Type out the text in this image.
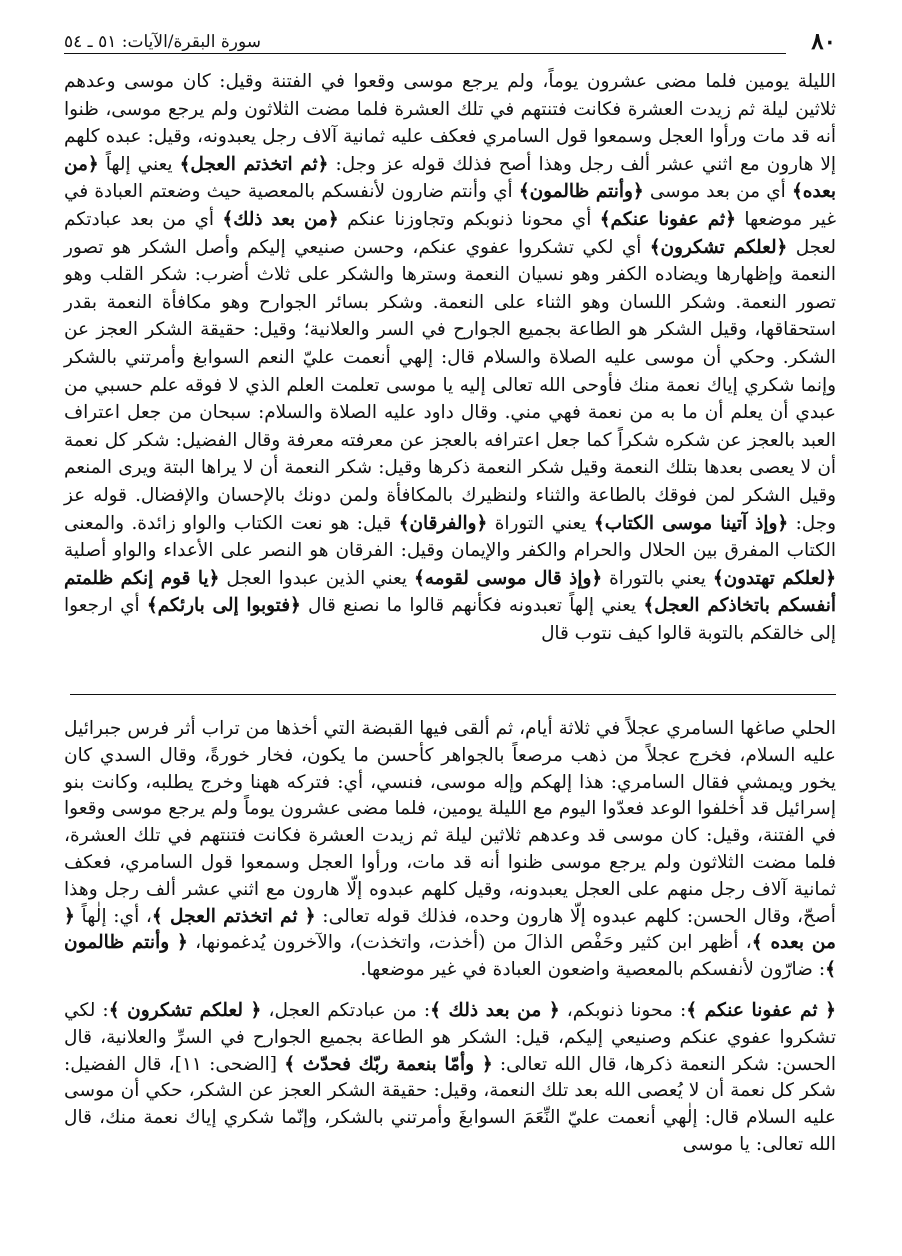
٨٠
سورة البقرة/الآيات: ٥١ ـ ٥٤

الليلة يومين فلما مضى عشرون يوماً، ولم يرجع موسى وقعوا في الفتنة وقيل: كان موسى وعدهم ثلاثين ليلة ثم زيدت العشرة فكانت فتنتهم في تلك العشرة فلما مضت الثلاثون ولم يرجع موسى، ظنوا أنه قد مات ورأوا العجل وسمعوا قول السامري فعكف عليه ثمانية آلاف رجل يعبدونه، وقيل: عبده كلهم إلا هارون مع اثني عشر ألف رجل وهذا أصح فذلك قوله عز وجل: ﴿ثم اتخذتم العجل﴾ يعني إلهاً ﴿من بعده﴾ أي من بعد موسى ﴿وأنتم ظالمون﴾ أي وأنتم ضارون لأنفسكم بالمعصية حيث وضعتم العبادة في غير موضعها ﴿ثم عفونا عنكم﴾ أي محونا ذنوبكم وتجاوزنا عنكم ﴿من بعد ذلك﴾ أي من بعد عبادتكم لعجل ﴿لعلكم تشكرون﴾ أي لكي تشكروا عفوي عنكم، وحسن صنيعي إليكم وأصل الشكر هو تصور النعمة وإظهارها ويضاده الكفر وهو نسيان النعمة وسترها والشكر على ثلاث أضرب: شكر القلب وهو تصور النعمة. وشكر اللسان وهو الثناء على النعمة. وشكر بسائر الجوارح وهو مكافأة النعمة بقدر استحقاقها، وقيل الشكر هو الطاعة بجميع الجوارح في السر والعلانية؛ وقيل: حقيقة الشكر العجز عن الشكر. وحكي أن موسى عليه الصلاة والسلام قال: إلهي أنعمت عليّ النعم السوابغ وأمرتني بالشكر وإنما شكري إياك نعمة منك فأوحى الله تعالى إليه يا موسى تعلمت العلم الذي لا فوقه علم حسبي من عبدي أن يعلم أن ما به من نعمة فهي مني. وقال داود عليه الصلاة والسلام: سبحان من جعل اعتراف العبد بالعجز عن شكره شكراً كما جعل اعترافه بالعجز عن معرفته معرفة وقال الفضيل: شكر كل نعمة أن لا يعصى بعدها بتلك النعمة وقيل شكر النعمة ذكرها وقيل: شكر النعمة أن لا يراها البتة ويرى المنعم وقيل الشكر لمن فوقك بالطاعة والثناء ولنظيرك بالمكافأة ولمن دونك بالإحسان والإفضال. قوله عز وجل: ﴿وإذ آتينا موسى الكتاب﴾ يعني التوراة ﴿والفرقان﴾ قيل: هو نعت الكتاب والواو زائدة. والمعنى الكتاب المفرق بين الحلال والحرام والكفر والإيمان وقيل: الفرقان هو النصر على الأعداء والواو أصلية ﴿لعلكم تهتدون﴾ يعني بالتوراة ﴿وإذ قال موسى لقومه﴾ يعني الذين عبدوا العجل ﴿يا قوم إنكم ظلمتم أنفسكم باتخاذكم العجل﴾ يعني إلهاً تعبدونه فكأنهم قالوا ما نصنع قال ﴿فتوبوا إلى بارئكم﴾ أي ارجعوا إلى خالقكم بالتوبة قالوا كيف نتوب قال

الحلي صاغها السامري عجلاً في ثلاثة أيام، ثم ألقى فيها القبضة التي أخذها من تراب أثر فرس جبرائيل عليه السلام، فخرج عجلاً من ذهب مرصعاً بالجواهر كأحسن ما يكون، فخار خورةً، وقال السدي كان يخور ويمشي فقال السامري: هذا إلهكم وإله موسى، فنسي، أي: فتركه ههنا وخرج يطلبه، وكانت بنو إسرائيل قد أخلفوا الوعد فعدّوا اليوم مع الليلة يومين، فلما مضى عشرون يوماً ولم يرجع موسى وقعوا في الفتنة، وقيل: كان موسى قد وعدهم ثلاثين ليلة ثم زيدت العشرة فكانت فتنتهم في تلك العشرة، فلما مضت الثلاثون ولم يرجع موسى ظنوا أنه قد مات، ورأوا العجل وسمعوا قول السامري، فعكف ثمانية آلاف رجل منهم على العجل يعبدونه، وقيل كلهم عبدوه إلّا هارون مع اثني عشر ألف رجل وهذا أصحّ، وقال الحسن: كلهم عبدوه إلّا هارون وحده، فذلك قوله تعالى: ﴿ ثم اتخذتم العجل ﴾، أي: إلٰهاً ﴿ من بعده ﴾، أظهر ابن كثير وحَفْص الذالَ من (أخذت، واتخذت)، والآخرون يُدغمونها، ﴿ وأنتم ظالمون ﴾: ضارّون لأنفسكم بالمعصية واضعون العبادة في غير موضعها.

﴿ ثم عفونا عنكم ﴾: محونا ذنوبكم، ﴿ من بعد ذلك ﴾: من عبادتكم العجل، ﴿ لعلكم تشكرون ﴾: لكي تشكروا عفوي عنكم وصنيعي إليكم، قيل: الشكر هو الطاعة بجميع الجوارح في السرِّ والعلانية، قال الحسن: شكر النعمة ذكرها، قال الله تعالى: ﴿ وأمّا بنعمة ربّك فحدّث ﴾ [الضحى: ١١]، قال الفضيل: شكر كل نعمة أن لا يُعصى الله بعد تلك النعمة، وقيل: حقيقة الشكر العجز عن الشكر، حكي أن موسى عليه السلام قال: إلٰهي أنعمت عليّ النِّعَمَ السوابغَ وأمرتني بالشكر، وإنّما شكري إياك نعمة منك، قال الله تعالى: يا موسى
